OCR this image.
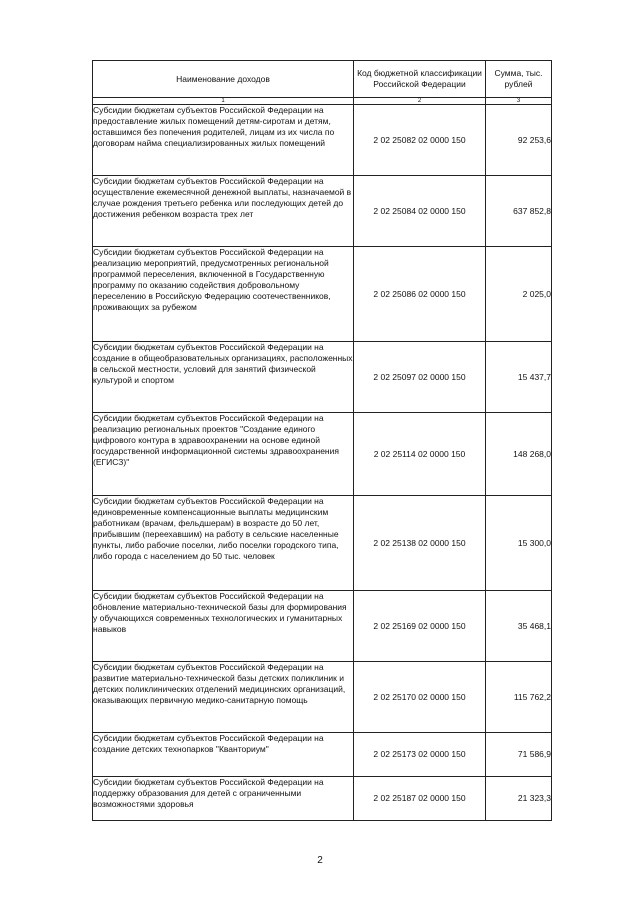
Наименование доходов	Код бюджетной классификации Российской Федерации	Сумма, тыс. рублей
1	2	3
Субсидии бюджетам субъектов Российской Федерации на предоставление жилых помещений детям-сиротам и детям, оставшимся без попечения родителей, лицам из их числа по договорам найма специализированных жилых помещений	2 02 25082 02 0000 150	92 253,6
Субсидии бюджетам субъектов Российской Федерации на осуществление ежемесячной денежной выплаты, назначаемой в случае рождения третьего ребенка или последующих детей до достижения ребенком возраста трех лет	2 02 25084 02 0000 150	637 852,8
Субсидии бюджетам субъектов Российской Федерации на реализацию мероприятий, предусмотренных региональной программой переселения, включенной в Государственную программу по оказанию содействия добровольному переселению в Российскую Федерацию соотечественников, проживающих за рубежом	2 02 25086 02 0000 150	2 025,0
Субсидии бюджетам субъектов Российской Федерации на создание в общеобразовательных организациях, расположенных в сельской местности, условий для занятий физической культурой и спортом	2 02 25097 02 0000 150	15 437,7
Субсидии бюджетам субъектов Российской Федерации на реализацию региональных проектов "Создание единого цифрового контура в здравоохранении на основе единой государственной информационной системы здравоохранения (ЕГИСЗ)"	2 02 25114 02 0000 150	148 268,0
Субсидии бюджетам субъектов Российской Федерации на единовременные компенсационные выплаты медицинским работникам (врачам, фельдшерам) в возрасте до 50 лет, прибывшим (переехавшим) на работу в сельские населенные пункты, либо рабочие поселки, либо поселки городского типа, либо города с населением до 50 тыс. человек	2 02 25138 02 0000 150	15 300,0
Субсидии бюджетам субъектов Российской Федерации на обновление материально-технической базы для формирования у обучающихся современных технологических и гуманитарных навыков	2 02 25169 02 0000 150	35 468,1
Субсидии бюджетам субъектов Российской Федерации на развитие материально-технической базы детских поликлиник и детских поликлинических отделений медицинских организаций, оказывающих первичную медико-санитарную помощь	2 02 25170 02 0000 150	115 762,2
Субсидии бюджетам субъектов Российской Федерации на создание детских технопарков "Кванториум"	2 02 25173 02 0000 150	71 586,9
Субсидии бюджетам субъектов Российской Федерации на поддержку образования для детей с ограниченными возможностями здоровья	2 02 25187 02 0000 150	21 323,3
2
